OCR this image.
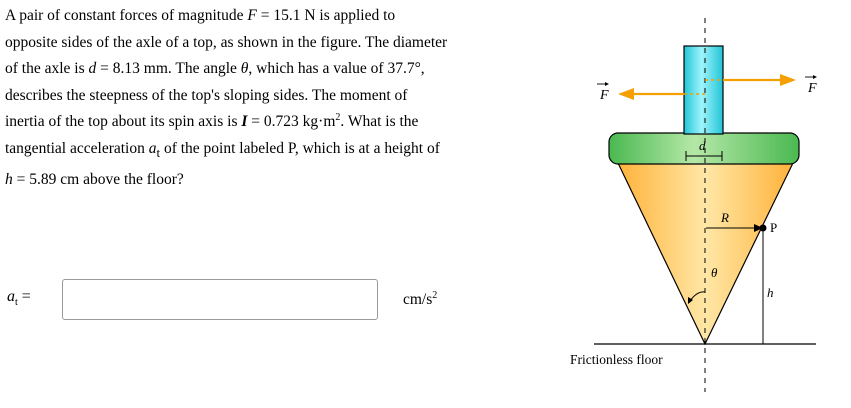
A pair of constant forces of magnitude F = 15.1 N is applied to opposite sides of the axle of a top, as shown in the figure. The diameter of the axle is d = 8.13 mm. The angle θ, which has a value of 37.7°, describes the steepness of the top's sloping sides. The moment of inertia of the top about its spin axis is I = 0.723 $kg\cdot m^2$. What is the tangential acceleration $a_t$ of the point labeled P, which is at a height of h = 5.89 cm above the floor?

$a_t$ =	$cm/s^2$
F	F
d
R
P
h
θ
Frictionless floor
